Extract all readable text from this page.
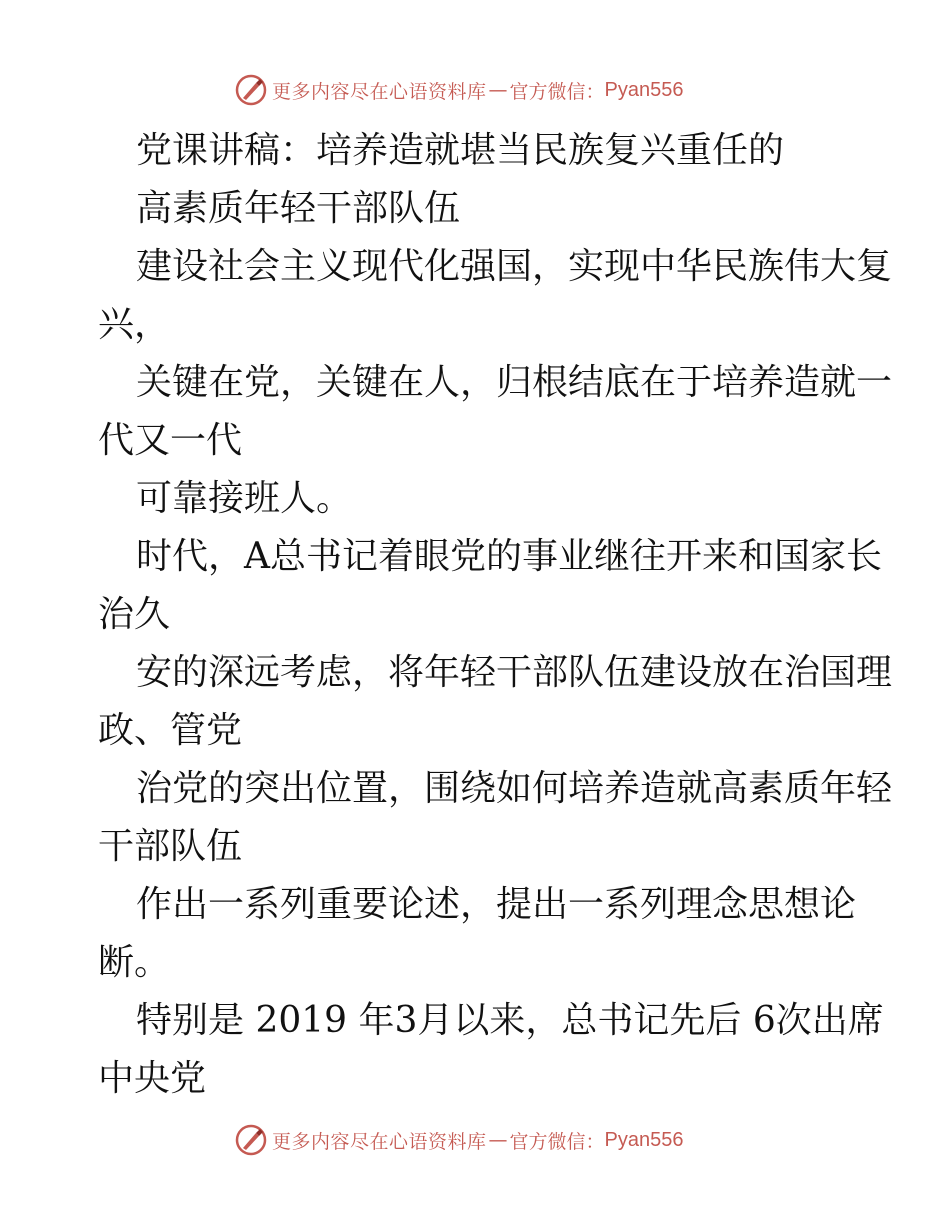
更多内容尽在心语资料库 — 官方微信： Pyan556
党课讲稿：培养造就堪当民族复兴重任的
高素质年轻干部队伍
建设社会主义现代化强国，实现中华民族伟大复
兴，
关键在党，关键在人，归根结底在于培养造就一
代又一代
可靠接班人。
时代，A总书记着眼党的事业继往开来和国家长
治久
安的深远考虑，将年轻干部队伍建设放在治国理
政、管党
治党的突出位置，围绕如何培养造就高素质年轻
干部队伍
作出一系列重要论述，提出一系列理念思想论
断。
特别是 2019 年3月以来，总书记先后 6次出席
中央党
更多内容尽在心语资料库 — 官方微信： Pyan556
